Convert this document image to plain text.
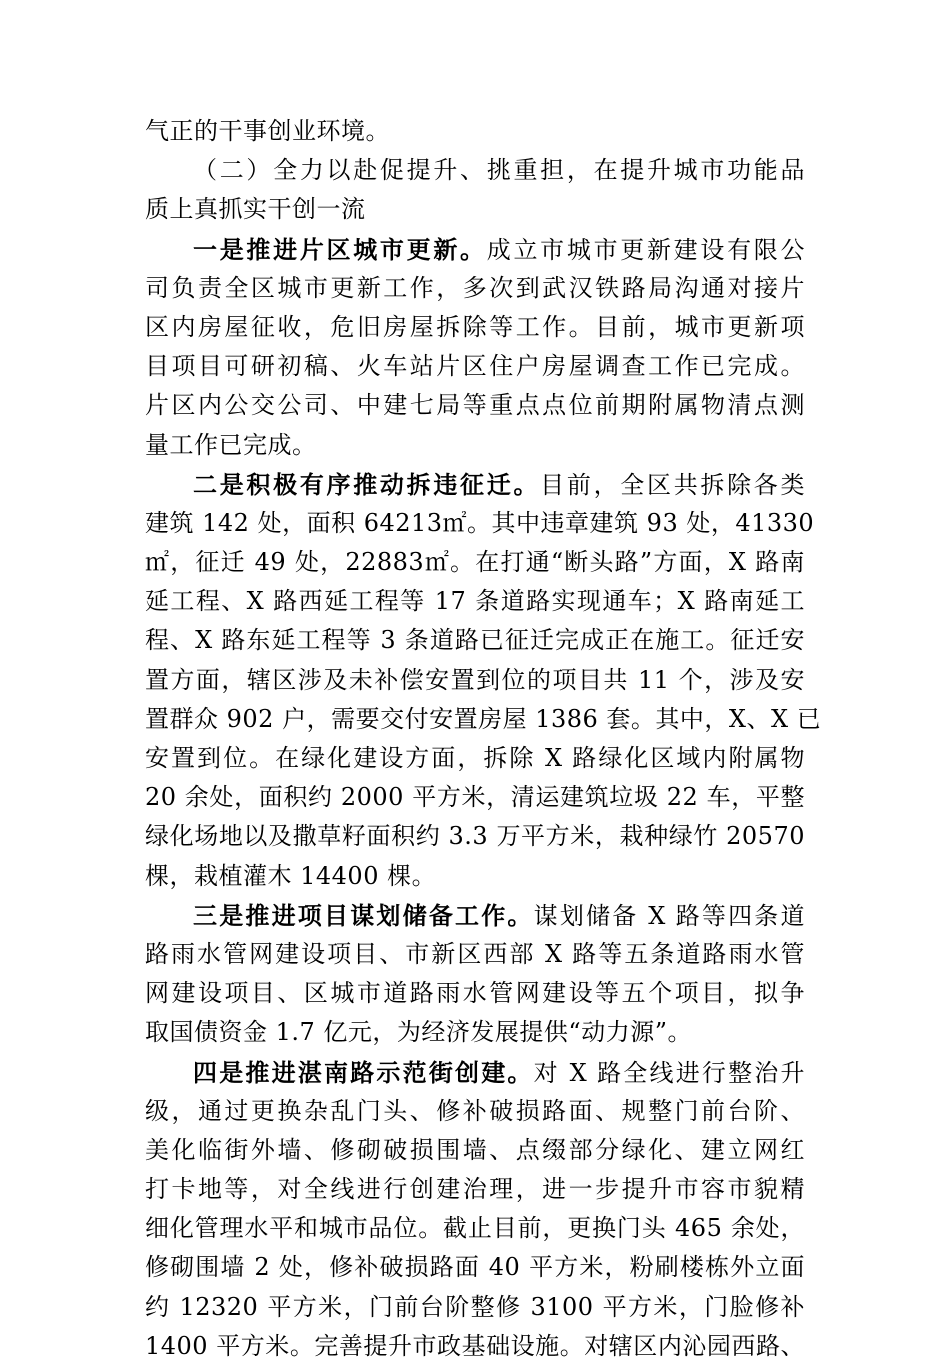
气正的干事创业环境。
（二）全力以赴促提升、挑重担，在提升城市功能品
质上真抓实干创一流
一是推进片区城市更新。成立市城市更新建设有限公
司负责全区城市更新工作，多次到武汉铁路局沟通对接片
区内房屋征收，危旧房屋拆除等工作。目前，城市更新项
目项目可研初稿、火车站片区住户房屋调查工作已完成。
片区内公交公司、中建七局等重点点位前期附属物清点测
量工作已完成。
二是积极有序推动拆违征迁。目前，全区共拆除各类
建筑 142 处，面积 64213㎡。其中违章建筑 93 处，41330
㎡，征迁 49 处，22883㎡。在打通“断头路”方面，X 路南
延工程、X 路西延工程等 17 条道路实现通车；X 路南延工
程、X 路东延工程等 3 条道路已征迁完成正在施工。征迁安
置方面，辖区涉及未补偿安置到位的项目共 11 个，涉及安
置群众 902 户，需要交付安置房屋 1386 套。其中，X、X 已
安置到位。在绿化建设方面，拆除 X 路绿化区域内附属物
20 余处，面积约 2000 平方米，清运建筑垃圾 22 车，平整
绿化场地以及撒草籽面积约 3.3 万平方米，栽种绿竹 20570
棵，栽植灌木 14400 棵。
三是推进项目谋划储备工作。谋划储备 X 路等四条道
路雨水管网建设项目、市新区西部 X 路等五条道路雨水管
网建设项目、区城市道路雨水管网建设等五个项目，拟争
取国债资金 1.7 亿元，为经济发展提供“动力源”。
四是推进湛南路示范街创建。对 X 路全线进行整治升
级，通过更换杂乱门头、修补破损路面、规整门前台阶、
美化临街外墙、修砌破损围墙、点缀部分绿化、建立网红
打卡地等，对全线进行创建治理，进一步提升市容市貌精
细化管理水平和城市品位。截止目前，更换门头 465 余处，
修砌围墙 2 处，修补破损路面 40 平方米，粉刷楼栋外立面
约 12320 平方米，门前台阶整修 3100 平方米，门脸修补
1400 平方米。完善提升市政基础设施。对辖区内沁园西路、
